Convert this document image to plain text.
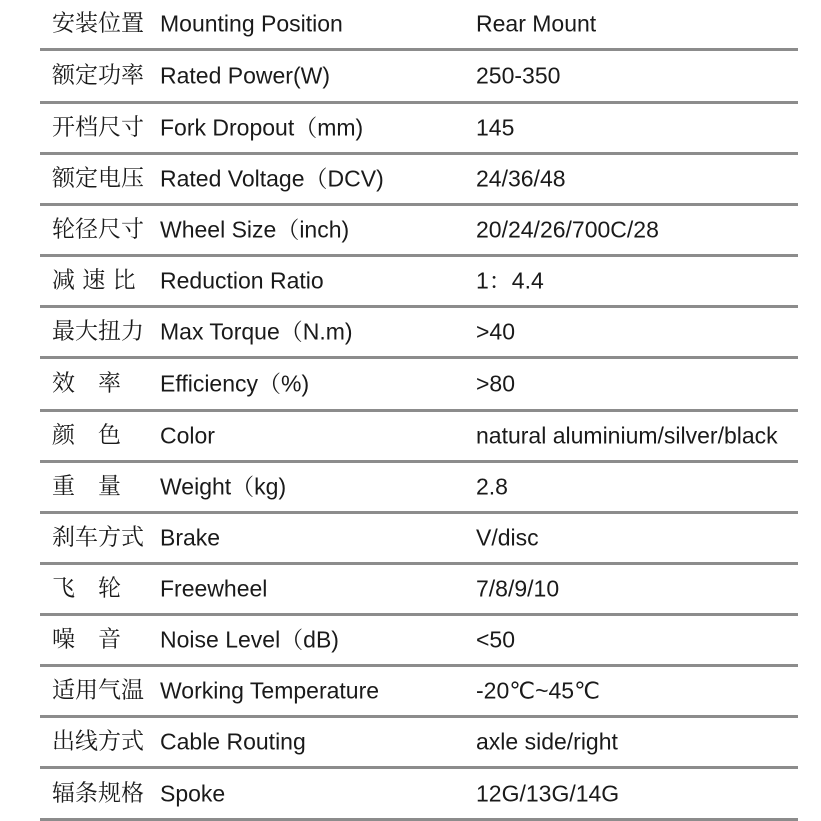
安装位置 Mounting Position	Rear Mount
额定功率 Rated Power(W)	250-350
开档尺寸 Fork Dropout（mm)	145
额定电压 Rated Voltage（DCV)	24/36/48
轮径尺寸 Wheel Size（inch)	20/24/26/700C/28
减 速 比 Reduction Ratio	1：4.4
最大扭力 Max Torque（N.m)	>40
效　率 Efficiency（%)	>80
颜　色 Color	natural aluminium/silver/black
重　量 Weight（kg)	2.8
刹车方式 Brake	V/disc
飞　轮 Freewheel	7/8/9/10
噪　音 Noise Level（dB)	<50
适用气温 Working Temperature	-20℃~45℃
出线方式 Cable Routing	axle side/right
辐条规格 Spoke	12G/13G/14G
